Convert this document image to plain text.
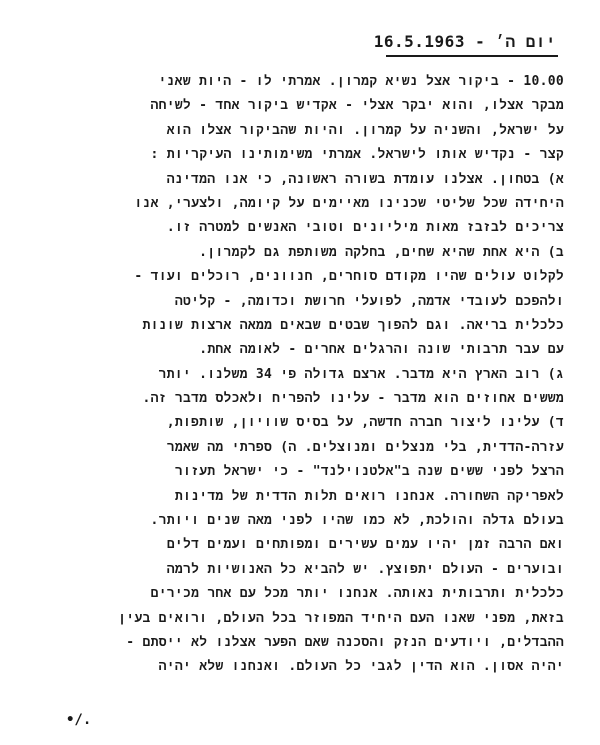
יום ה׳ - 16.5.1963
10.00 - ביקור אצל נשיא קמרון. אמרתי לו - היות שאני
מבקר אצלו, והוא יבקר אצלי - אקדיש ביקור אחד - לשיחה
על ישראל, והשניה על קמרון. והיות שהביקור אצלו הוא
קצר - נקדיש אותו לישראל. אמרתי משימותינו העיקריות :
א) בטחון. אצלנו עומדת בשורה ראשונה, כי אנו המדינה
היחידה שכל שליטי שכנינו מאיימים על קיומה, ולצערי, אנו
צריכים לבזבז מאות מיליונים וטובי האנשים למטרה זו.
ב) היא אחת שהיא שחים, בחלקה משותפת גם לקמרון.
לקלוט עולים שהיו מקודם סוחרים, חנוונים, רוכלים ועוד -
ולהפכם לעובדי אדמה, לפועלי חרושת וכדומה, - קליטה
כלכלית בריאה. וגם להפוך שבטים שבאים ממאה ארצות שונות
עם עבר תרבותי שונה והרגלים אחרים - לאומה אחת.
ג) רוב הארץ היא מדבר. ארצם גדולה פי 34 משלנו. יותר
מששים אחוזים הוא מדבר - עלינו להפריח ולאכלס מדבר זה.
ד) עלינו ליצור חברה חדשה, על בסיס שוויון, שותפות,
עזרה-הדדית, בלי מנצלים ומנוצלים. ה) ספרתי מה שאמר
הרצל לפני ששים שנה ב"אלטנוילנד" - כי ישראל תעזור
לאפריקה השחורה. אנחנו רואים תלות הדדית של מדינות
בעולם גדלה והולכת, לא כמו שהיו לפני מאה שנים ויותר.
ואם הרבה זמן יהיו עמים עשירים ומפותחים ועמים דלים
ובוערים - העולם יתפוצץ. יש להביא כל האנושיות לרמה
כלכלית ותרבותית נאותה. אנחנו יותר מכל עם אחר מכירים
בזאת, מפני שאנו העם היחיד המפוזר בכל העולם, ורואים בעין
ההבדלים, ויודעים הנזק והסכנה שאם הפער אצלנו לא ייסתם -
יהיה אסון. הוא הדין לגבי כל העולם. ואנחנו שלא יהיה
•/.
